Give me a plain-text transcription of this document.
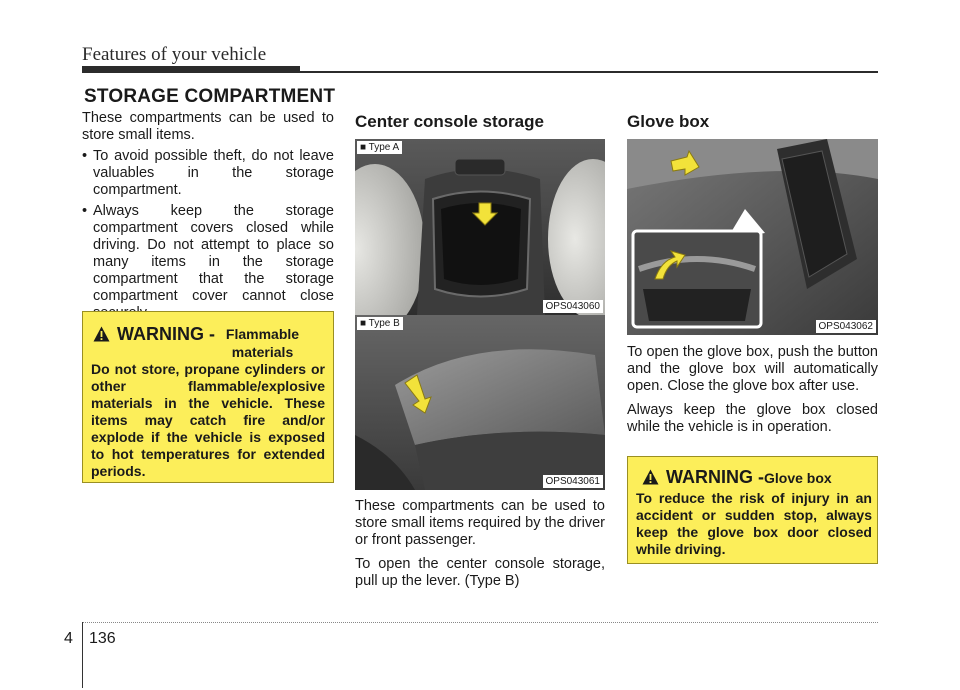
Features of your vehicle
STORAGE COMPARTMENT

These compartments can be used to store small items.

• To avoid possible theft, do not leave valuables in the storage compartment.
• Always keep the storage compartment covers closed while driving. Do not attempt to place so many items in the storage compartment that the storage compartment cover cannot close
WARNING - Flammable materials
Do not store, propane cylinders or other flammable/explosive materials in the vehicle. These items may catch fire and/or explode if the vehicle is exposed to hot temperatures for extended periods.
Center console storage
■ Type A
OPS043060
■ Type B
OPS043061

These compartments can be used to store small items required by the driver or front passenger.

To open the center console storage, pull up the lever. (Type B)

Glove box
OPS043062

To open the glove box, push the button and the glove box will automatically open. Close the glove box after use.

Always keep the glove box closed while the vehicle is in operation.

WARNING - Glove box
To reduce the risk of injury in an accident or sudden stop, always keep the glove box door closed while driving.
4 136
